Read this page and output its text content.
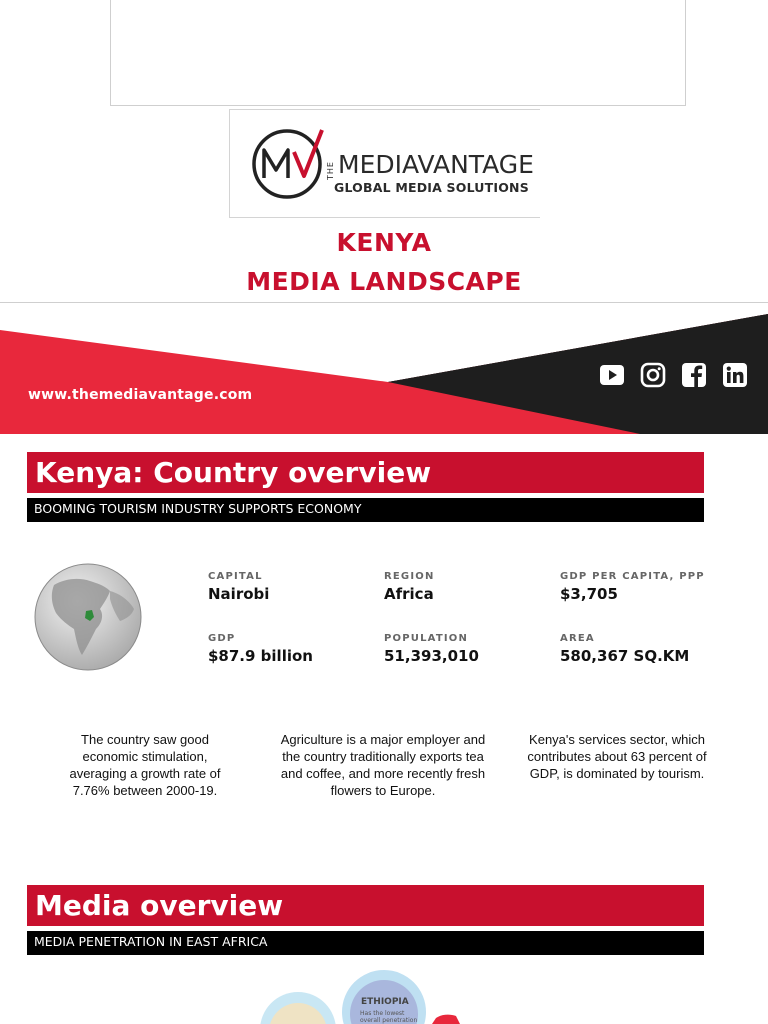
THE MEDIAVANTAGE
GLOBAL MEDIA SOLUTIONS
KENYA
MEDIA LANDSCAPE
www.themediavantage.com
Kenya: Country overview
BOOMING TOURISM INDUSTRY SUPPORTS ECONOMY
CAPITAL
Nairobi
REGION
Africa
GDP PER CAPITA, PPP
$3,705
GDP
$87.9 billion
POPULATION
51,393,010
AREA
580,367 SQ.KM
The country saw good economic stimulation, averaging a growth rate of 7.76% between 2000-19.
Agriculture is a major employer and the country traditionally exports tea and coffee, and more recently fresh flowers to Europe.
Kenya's services sector, which contributes about 63 percent of GDP, is dominated by tourism.
Media overview
MEDIA PENETRATION IN EAST AFRICA
ETHIOPIA
Has the lowest overall penetration
